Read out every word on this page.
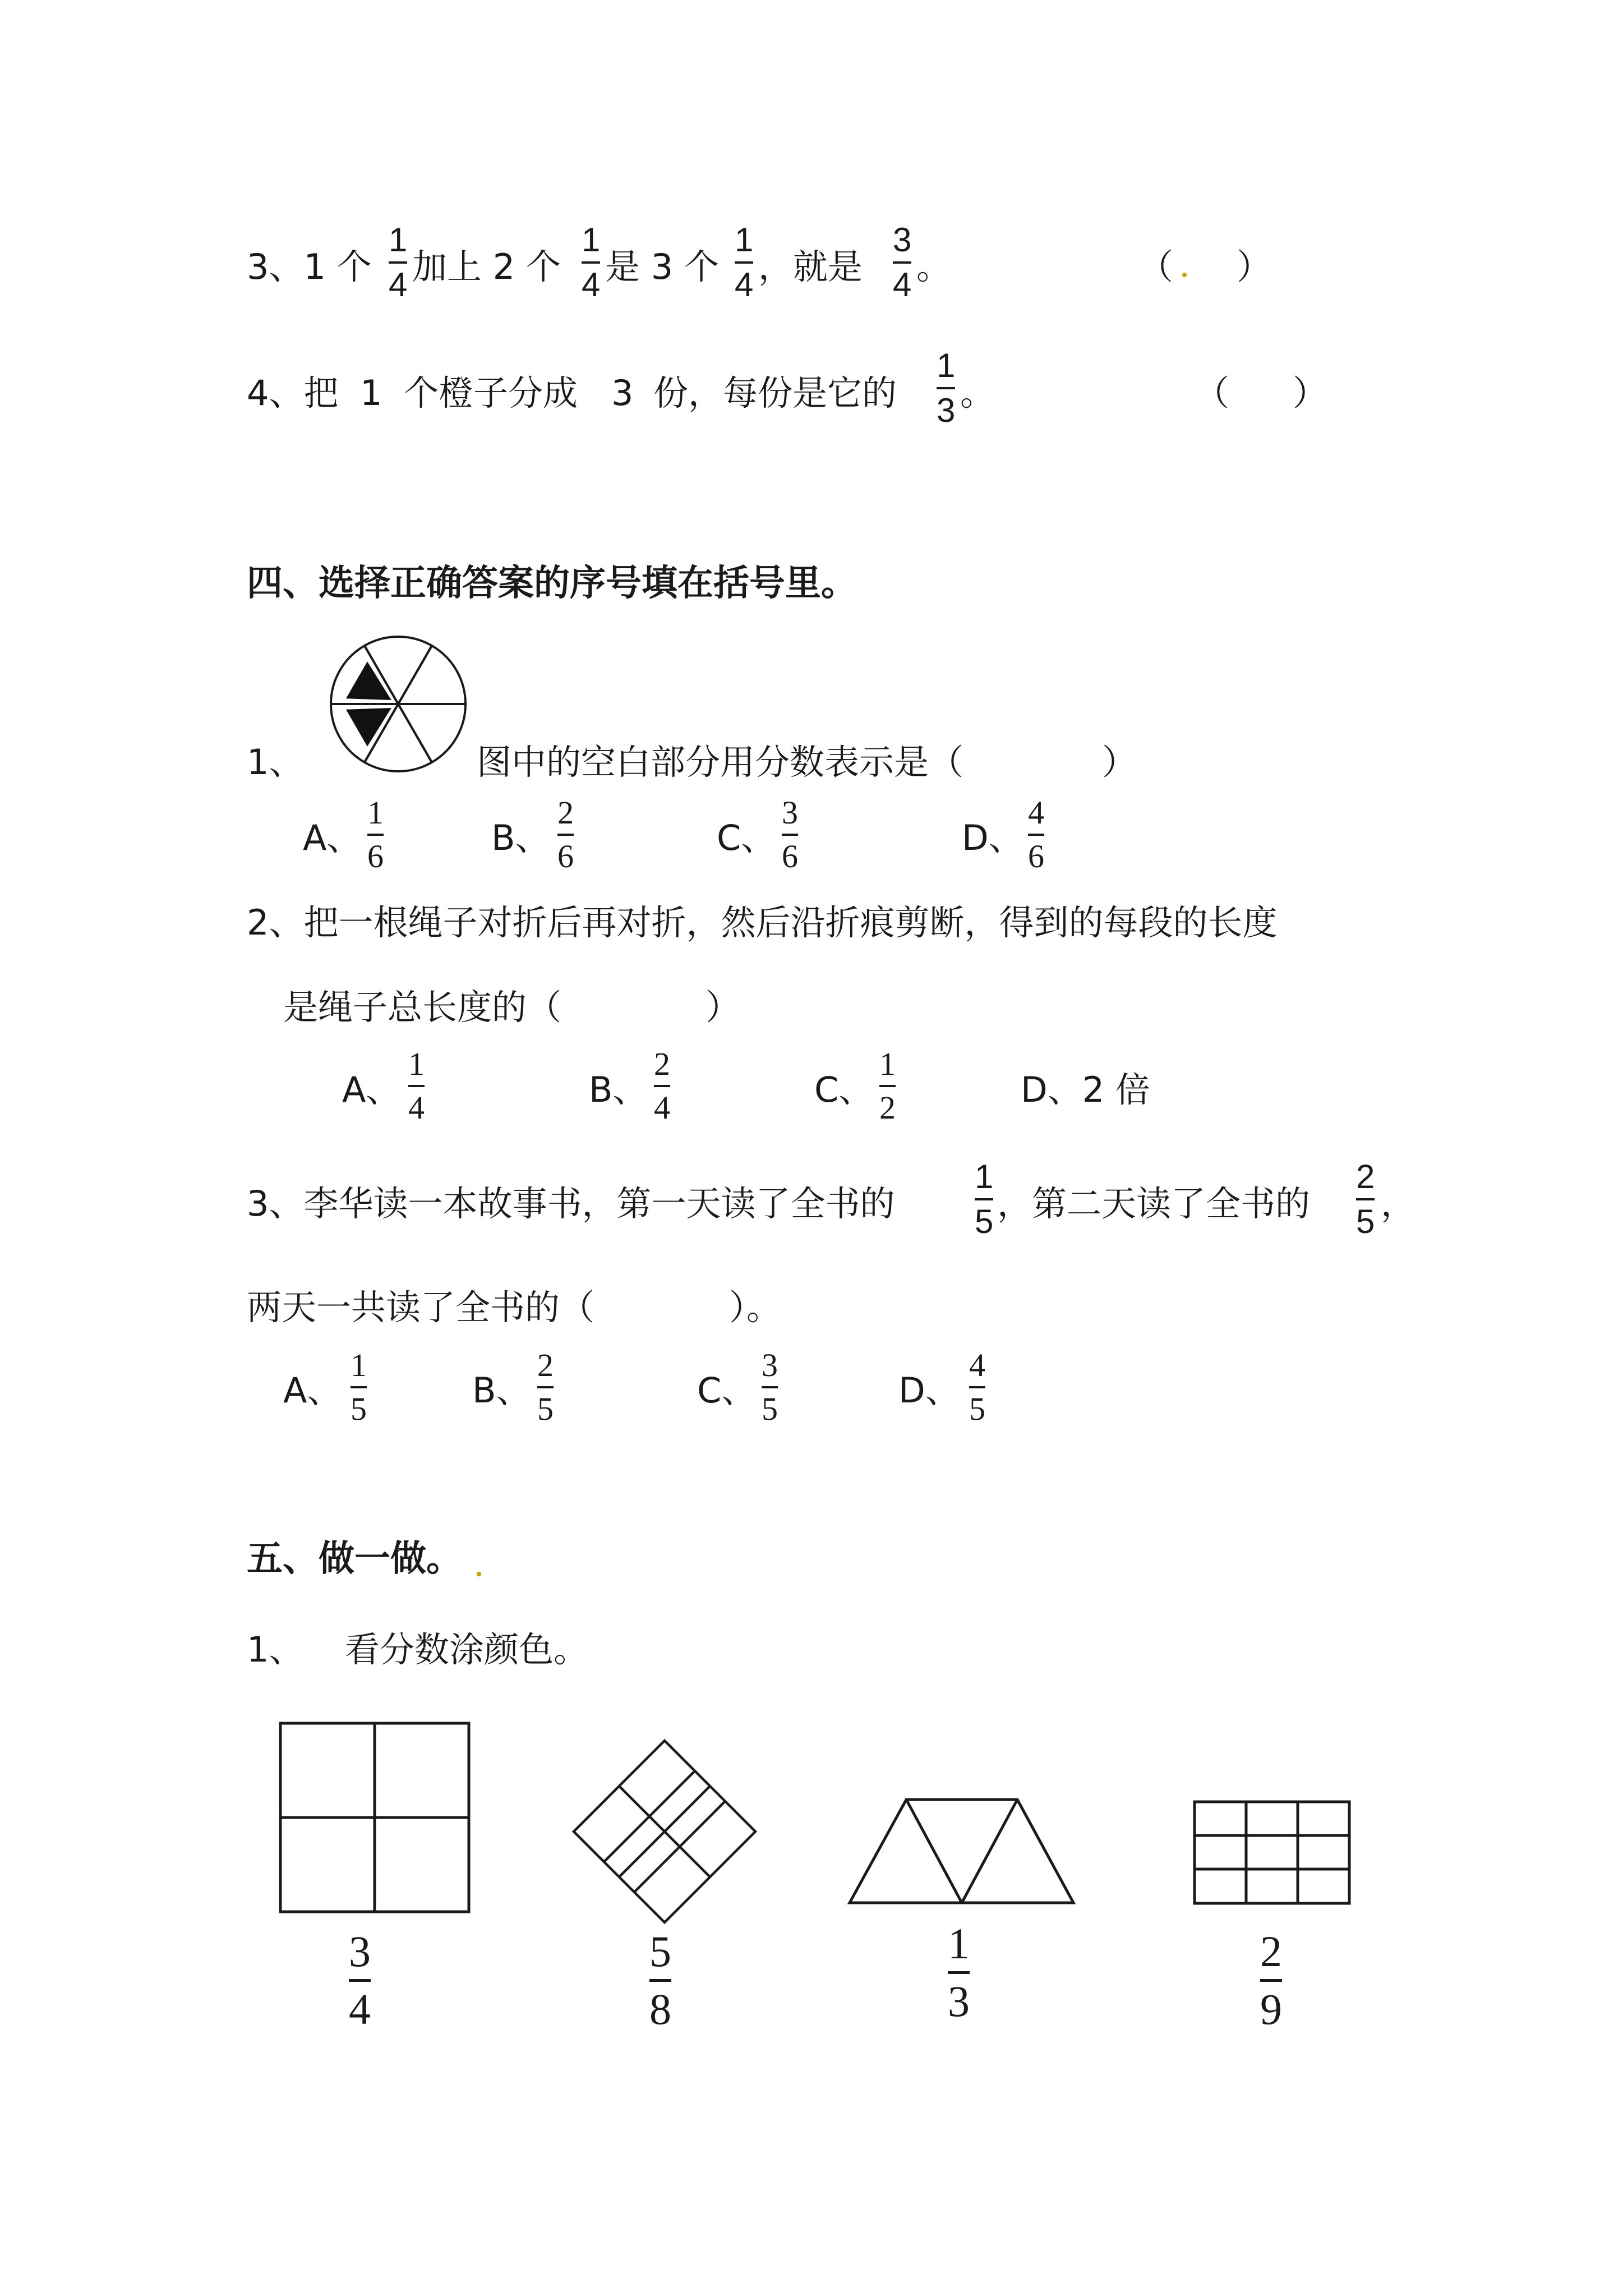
3、1 个
1
4 加上 2 个
1
4 是 3 个
1
4 ，就是
3
4 。	（ ）
4、把 1 个橙子分成 3 份，每份是它的
1
3 。	（ ）
四、选择正确答案的序号填在括号里。
1、	图中的空白部分用分数表示是（	）
A、
1
6	B、
2
6	C、
3
6	D、
4
6
2、把一根绳子对折后再对折，然后沿折痕剪断，得到的每段的长度
是绳子总长度的（	）
A、
1
4	B、
2
4	C、
1
2	D、2 倍
3、李华读一本故事书，第一天读了全书的
1
5 ，第二天读了全书的
2
5 ，
两天一共读了全书的（	）。
A、
1
5	B、
2
5	C、
3
5	D、
4
5
五、做一做。
1、 看分数涂颜色。
3
4
5
8
1
3
2
9
